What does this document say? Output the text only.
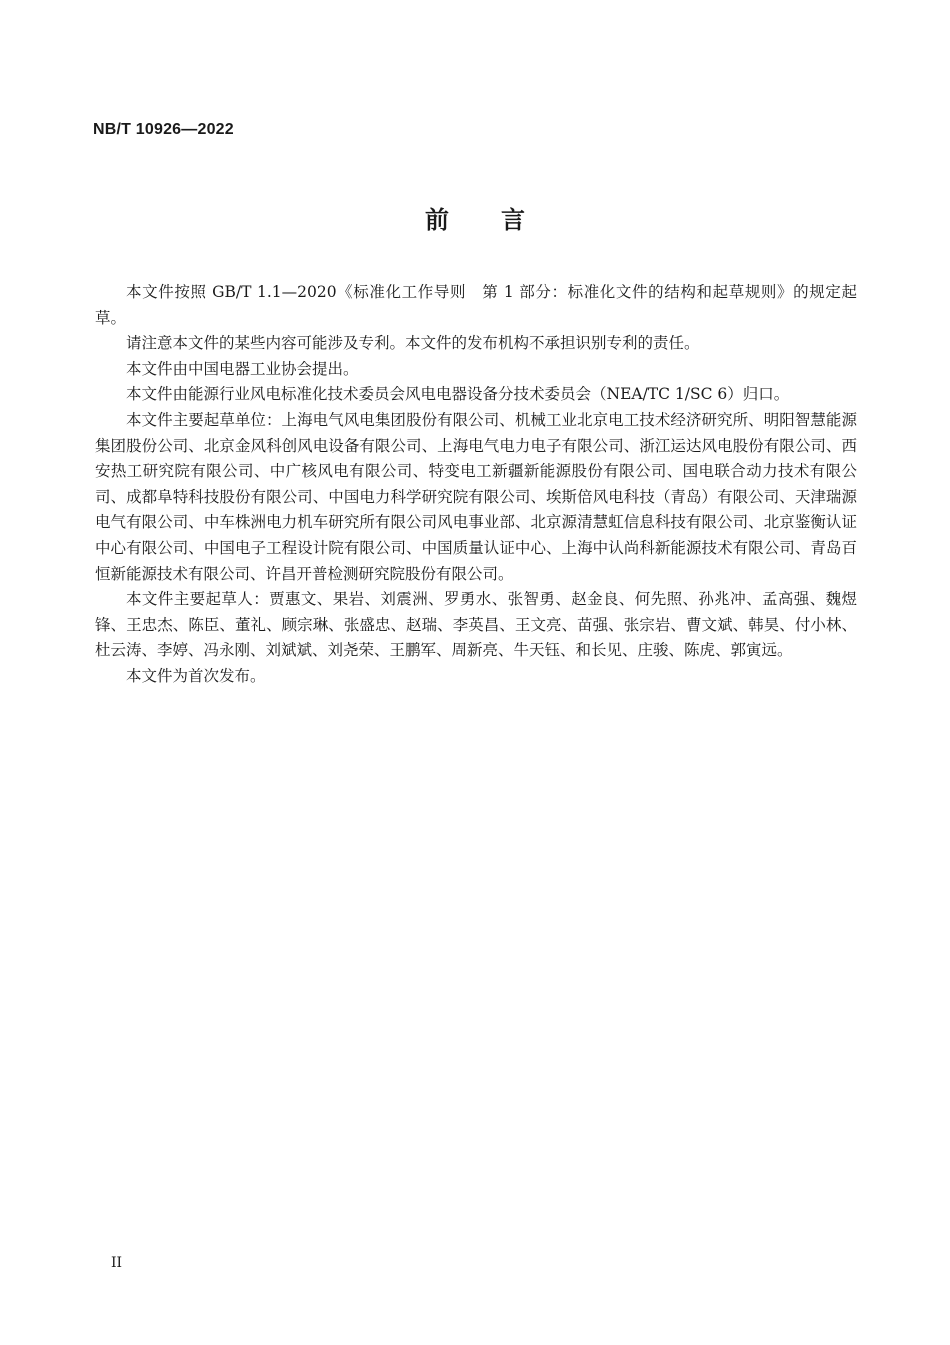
NB/T 10926—2022
前言

本文件按照 GB/T 1.1—2020《标准化工作导则　第 1 部分：标准化文件的结构和起草规则》的规定起草。

请注意本文件的某些内容可能涉及专利。本文件的发布机构不承担识别专利的责任。

本文件由中国电器工业协会提出。

本文件由能源行业风电标准化技术委员会风电电器设备分技术委员会（NEA/TC 1/SC 6）归口。

本文件主要起草单位：上海电气风电集团股份有限公司、机械工业北京电工技术经济研究所、明阳智慧能源集团股份公司、北京金风科创风电设备有限公司、上海电气电力电子有限公司、浙江运达风电股份有限公司、西安热工研究院有限公司、中广核风电有限公司、特变电工新疆新能源股份有限公司、国电联合动力技术有限公司、成都阜特科技股份有限公司、中国电力科学研究院有限公司、埃斯倍风电科技（青岛）有限公司、天津瑞源电气有限公司、中车株洲电力机车研究所有限公司风电事业部、北京源清慧虹信息科技有限公司、北京鉴衡认证中心有限公司、中国电子工程设计院有限公司、中国质量认证中心、上海中认尚科新能源技术有限公司、青岛百恒新能源技术有限公司、许昌开普检测研究院股份有限公司。

本文件主要起草人：贾惠文、果岩、刘震洲、罗勇水、张智勇、赵金良、何先照、孙兆冲、孟高强、魏煜锋、王忠杰、陈臣、董礼、顾宗琳、张盛忠、赵瑞、李英昌、王文亮、苗强、张宗岩、曹文斌、韩昊、付小林、杜云涛、李婷、冯永刚、刘斌斌、刘尧荣、王鹏军、周新亮、牛天钰、和长见、庄骏、陈虎、郭寅远。

本文件为首次发布。

II
